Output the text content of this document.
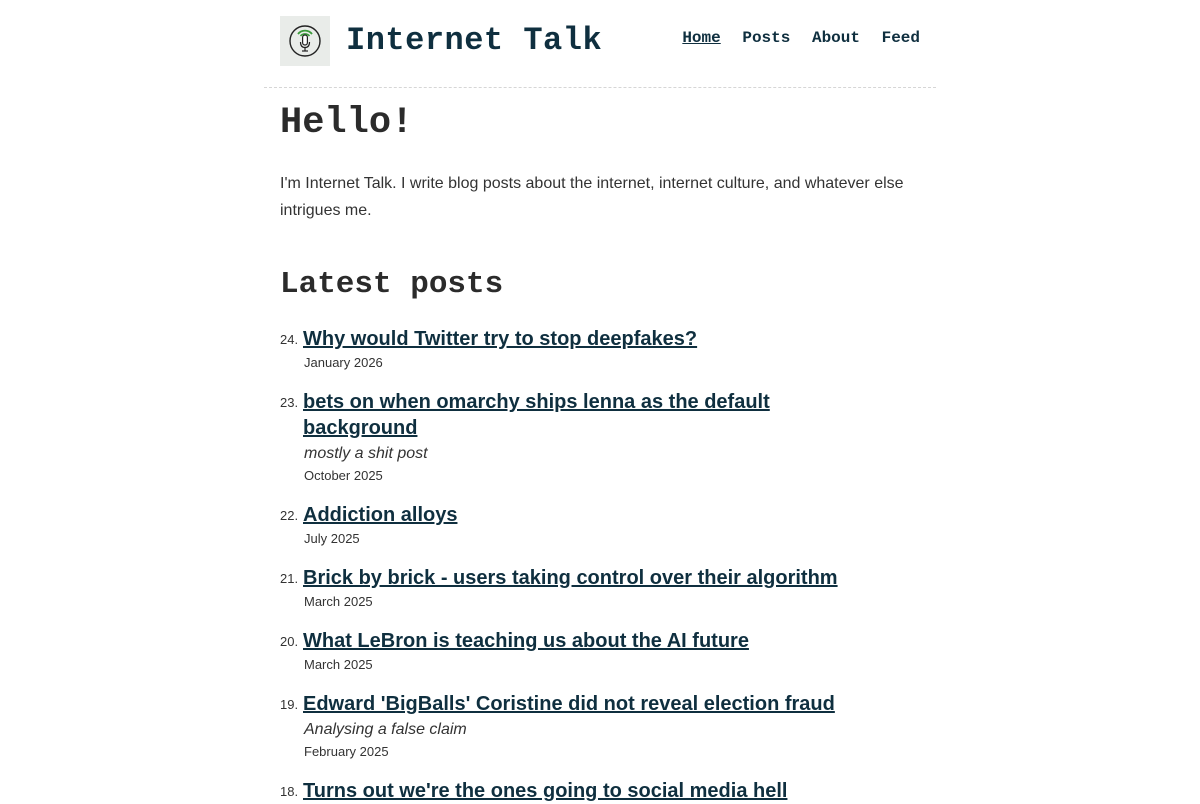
Internet Talk	Home Posts About Feed
Hello!

I'm Internet Talk. I write blog posts about the internet, internet culture, and whatever else intrigues me.

Latest posts
24. Why would Twitter try to stop deepfakes?
January 2026
23. bets on when omarchy ships lenna as the default background
mostly a shit post
October 2025
22. Addiction alloys
July 2025
21. Brick by brick - users taking control over their algorithm
March 2025
20. What LeBron is teaching us about the AI future
March 2025
19. Edward 'BigBalls' Coristine did not reveal election fraud
Analysing a false claim
February 2025
18. Turns out we're the ones going to social media hell
